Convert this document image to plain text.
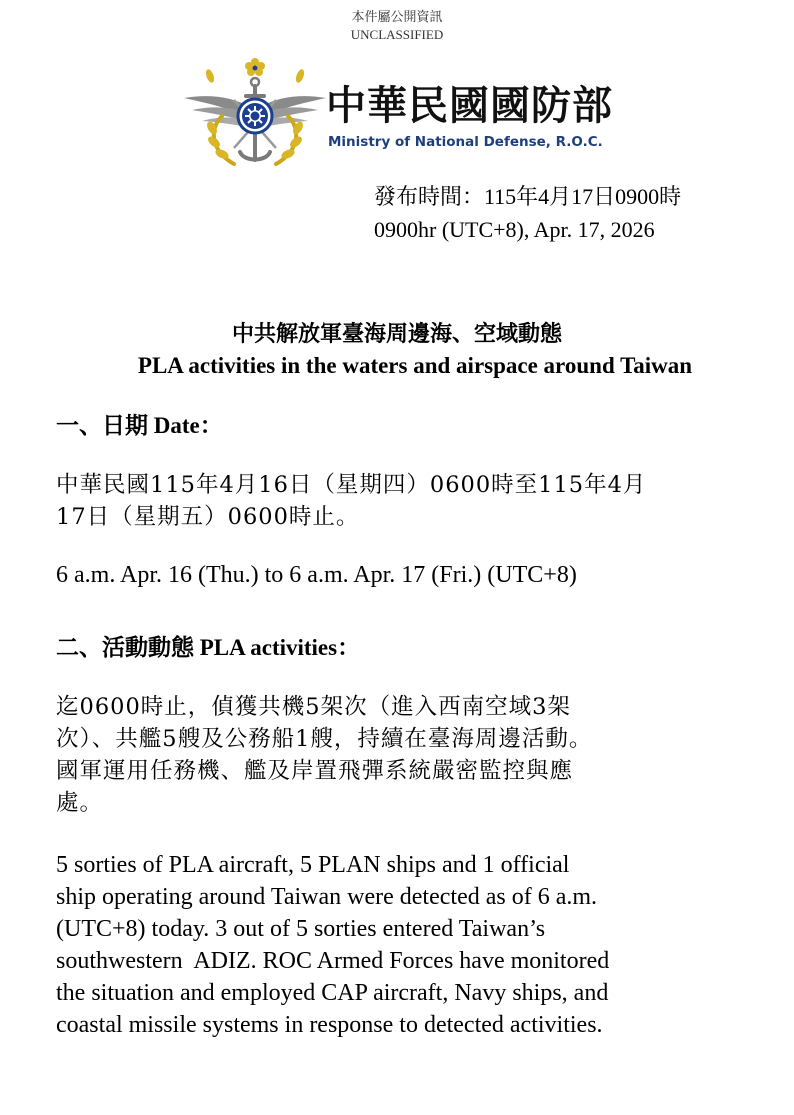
本件屬公開資訊
UNCLASSIFIED
中華民國國防部
Ministry of National Defense, R.O.C.
發布時間：115年4月17日0900時
0900hr (UTC+8), Apr. 17, 2026
中共解放軍臺海周邊海、空域動態
PLA activities in the waters and airspace around Taiwan
一、日期 Date：
中華民國115年4月16日（星期四）0600時至115年4月
17日（星期五）0600時止。
6 a.m. Apr. 16 (Thu.) to 6 a.m. Apr. 17 (Fri.) (UTC+8)
二、活動動態 PLA activities：
迄0600時止，偵獲共機5架次（進入西南空域3架
次）、共艦5艘及公務船1艘，持續在臺海周邊活動。
國軍運用任務機、艦及岸置飛彈系統嚴密監控與應
處。
5 sorties of PLA aircraft, 5 PLAN ships and 1 official
ship operating around Taiwan were detected as of 6 a.m.
(UTC+8) today. 3 out of 5 sorties entered Taiwan’s
southwestern  ADIZ. ROC Armed Forces have monitored
the situation and employed CAP aircraft, Navy ships, and
coastal missile systems in response to detected activities.
